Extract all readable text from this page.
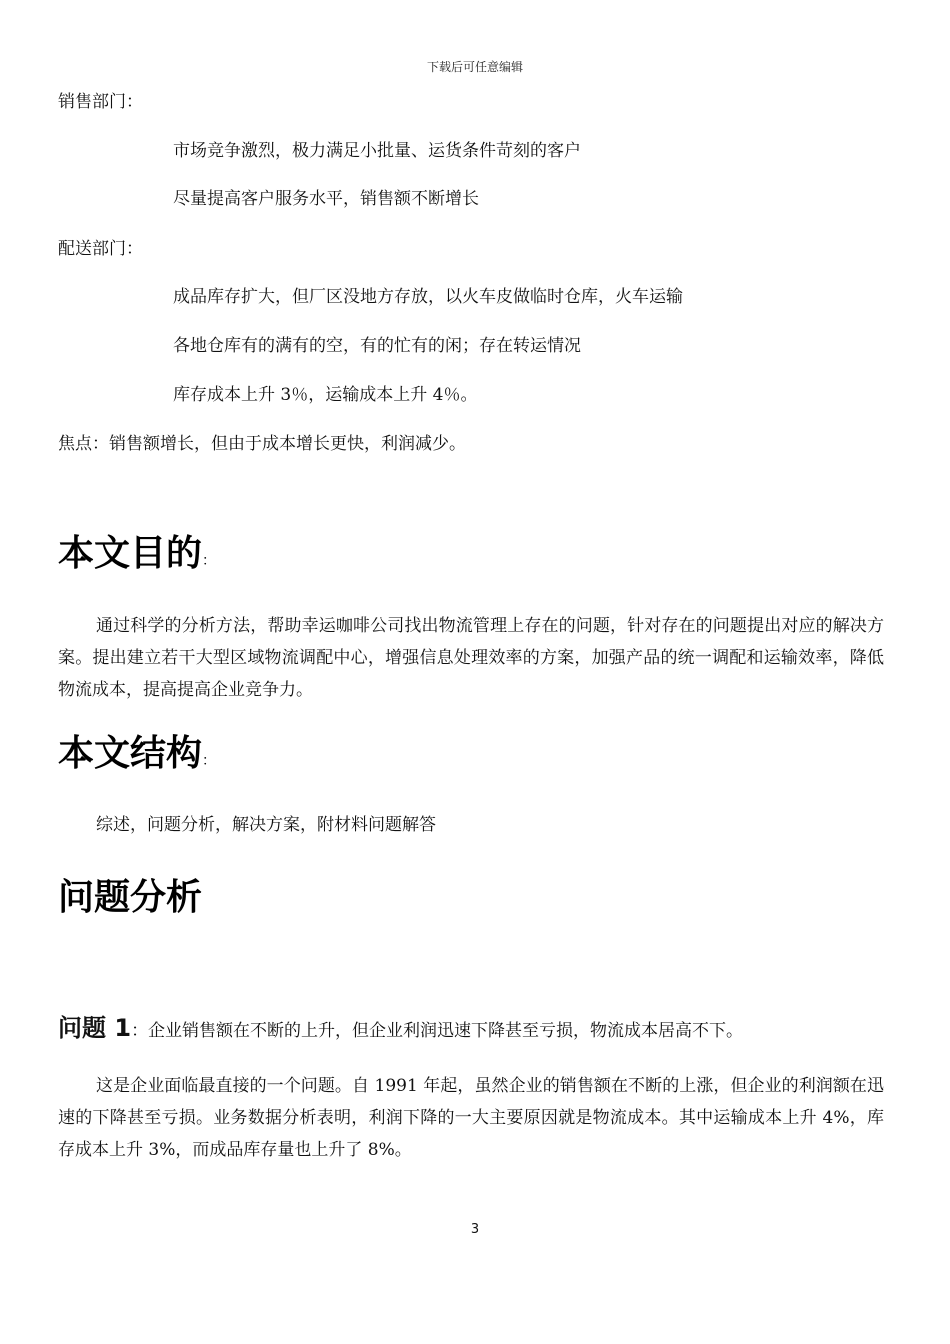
下载后可任意编辑
销售部门：
市场竞争激烈，极力满足小批量、运货条件苛刻的客户
尽量提高客户服务水平，销售额不断增长
配送部门：
成品库存扩大，但厂区没地方存放，以火车皮做临时仓库，火车运输
各地仓库有的满有的空，有的忙有的闲；存在转运情况
库存成本上升 3％，运输成本上升 4％。
焦点：销售额增长，但由于成本增长更快，利润减少。
本文目的：

通过科学的分析方法，帮助幸运咖啡公司找出物流管理上存在的问题，针对存在的问题提出对应的解决方案。提出建立若干大型区域物流调配中心，增强信息处理效率的方案，加强产品的统一调配和运输效率，降低物流成本，提高提高企业竞争力。

本文结构：

综述，问题分析，解决方案，附材料问题解答

问题分析
问题 1：企业销售额在不断的上升，但企业利润迅速下降甚至亏损，物流成本居高不下。

这是企业面临最直接的一个问题。自 1991 年起，虽然企业的销售额在不断的上涨，但企业的利润额在迅速的下降甚至亏损。业务数据分析表明，利润下降的一大主要原因就是物流成本。其中运输成本上升 4%，库存成本上升 3%，而成品库存量也上升了 8%。

3
